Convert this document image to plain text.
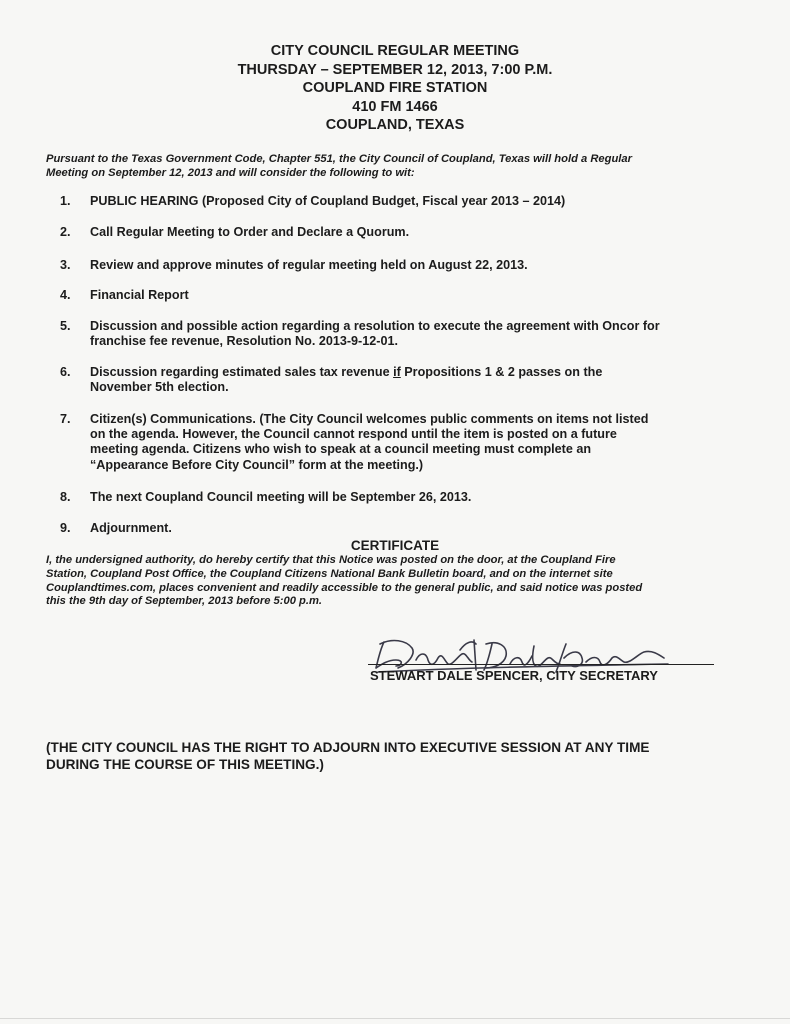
CITY COUNCIL REGULAR MEETING
THURSDAY – SEPTEMBER 12, 2013, 7:00 P.M.
COUPLAND FIRE STATION
410 FM 1466
COUPLAND, TEXAS
Pursuant to the Texas Government Code, Chapter 551, the City Council of Coupland, Texas will hold a Regular
Meeting on September 12, 2013 and will consider the following to wit:
1.	PUBLIC HEARING (Proposed City of Coupland Budget, Fiscal year 2013 – 2014)
2.	Call Regular Meeting to Order and Declare a Quorum.
3.	Review and approve minutes of regular meeting held on August 22, 2013.
4.	Financial Report
5.	Discussion and possible action regarding a resolution to execute the agreement with Oncor for
franchise fee revenue, Resolution No. 2013-9-12-01.
6.	Discussion regarding estimated sales tax revenue if Propositions 1 & 2 passes on the
November 5th election.
7.	Citizen(s) Communications. (The City Council welcomes public comments on items not listed
on the agenda. However, the Council cannot respond until the item is posted on a future
meeting agenda. Citizens who wish to speak at a council meeting must complete an
“Appearance Before City Council” form at the meeting.)
8.	The next Coupland Council meeting will be September 26, 2013.
9.	Adjournment.
CERTIFICATE
I, the undersigned authority, do hereby certify that this Notice was posted on the door, at the Coupland Fire
Station, Coupland Post Office, the Coupland Citizens National Bank Bulletin board, and on the internet site
Couplandtimes.com, places convenient and readily accessible to the general public, and said notice was posted
this the 9th day of September, 2013 before 5:00 p.m.
STEWART DALE SPENCER, CITY SECRETARY
(THE CITY COUNCIL HAS THE RIGHT TO ADJOURN INTO EXECUTIVE SESSION AT ANY TIME
DURING THE COURSE OF THIS MEETING.)
